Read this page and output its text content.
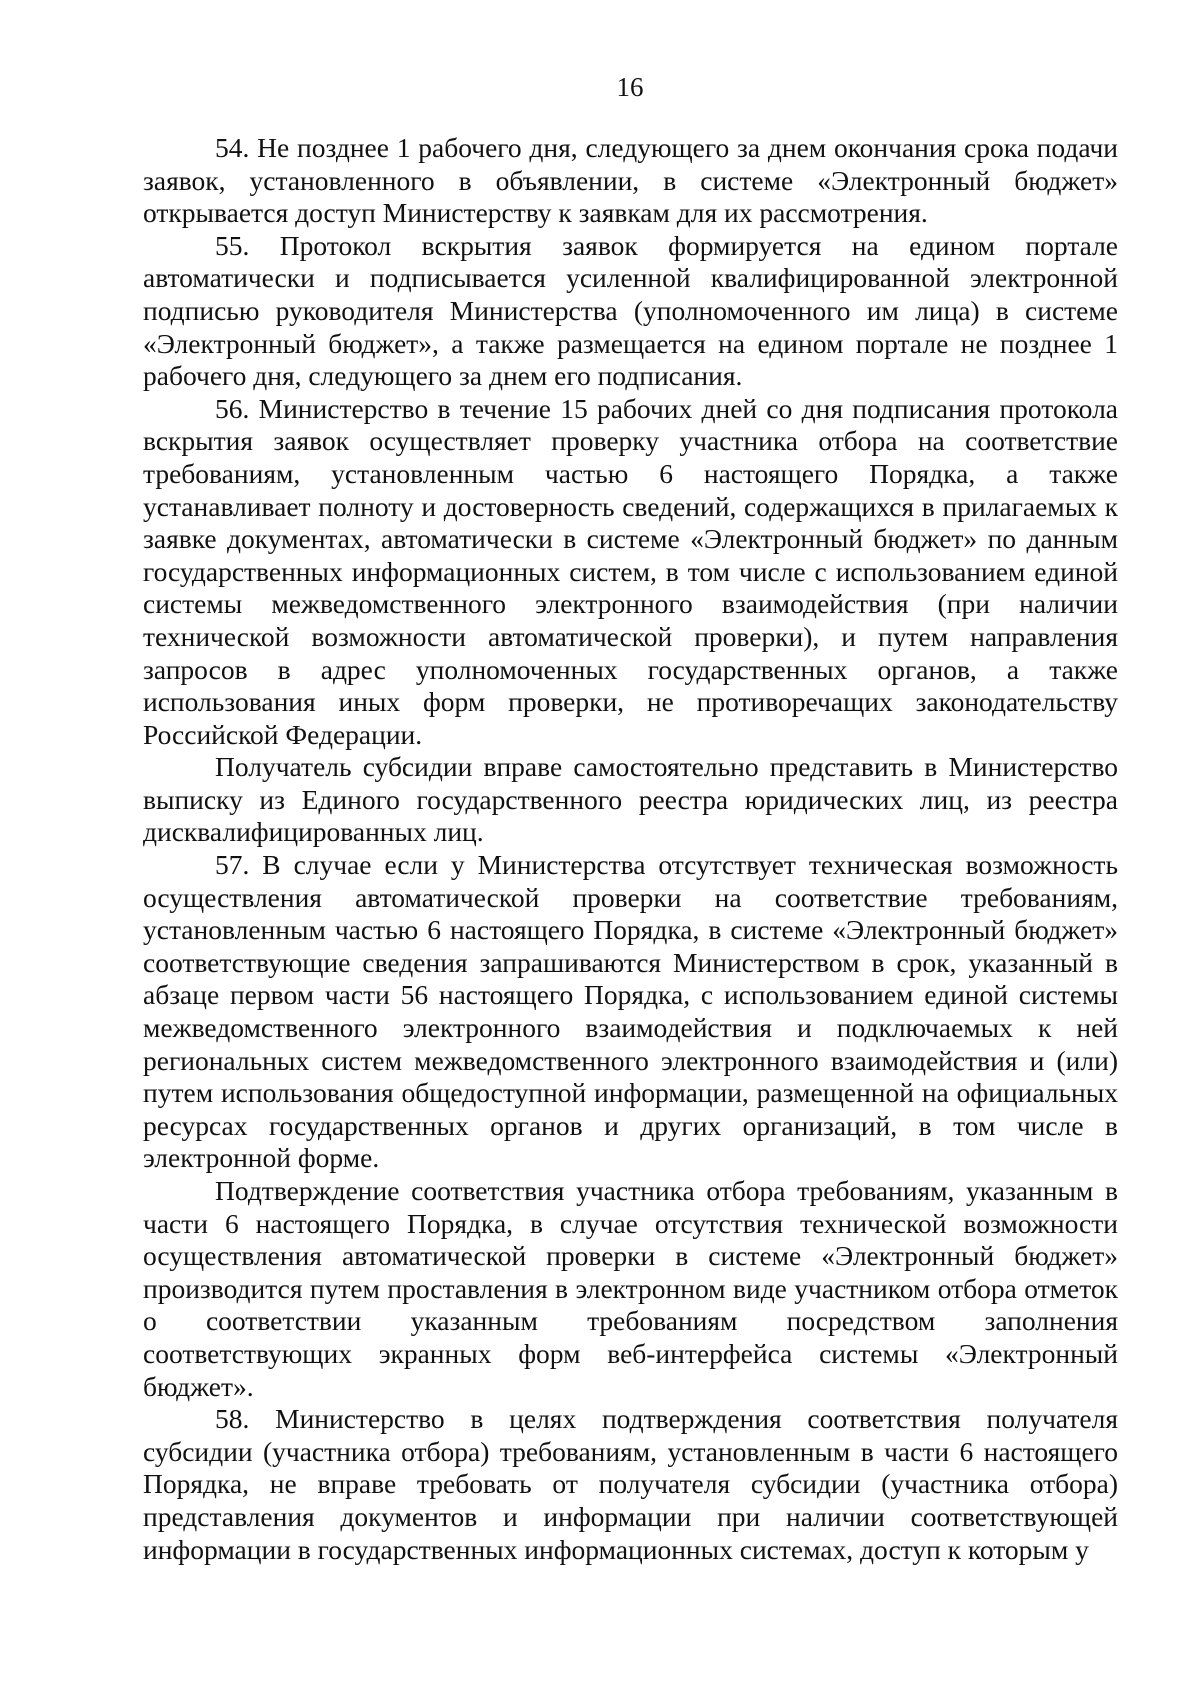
16

54. Не позднее 1 рабочего дня, следующего за днем окончания срока подачи заявок, установленного в объявлении, в системе «Электронный бюджет» открывается доступ Министерству к заявкам для их рассмотрения.

55. Протокол вскрытия заявок формируется на едином портале автоматически и подписывается усиленной квалифицированной электронной подписью руководителя Министерства (уполномоченного им лица) в системе «Электронный бюджет», а также размещается на едином портале не позднее 1 рабочего дня, следующего за днем его подписания.

56. Министерство в течение 15 рабочих дней со дня подписания протокола вскрытия заявок осуществляет проверку участника отбора на соответствие требованиям, установленным частью 6 настоящего Порядка, а также устанавливает полноту и достоверность сведений, содержащихся в прилагаемых к заявке документах, автоматически в системе «Электронный бюджет» по данным государственных информационных систем, в том числе с использованием единой системы межведомственного электронного взаимодействия (при наличии технической возможности автоматической проверки), и путем направления запросов в адрес уполномоченных государственных органов, а также использования иных форм проверки, не противоречащих законодательству Российской Федерации.

Получатель субсидии вправе самостоятельно представить в Министерство выписку из Единого государственного реестра юридических лиц, из реестра дисквалифицированных лиц.

57. В случае если у Министерства отсутствует техническая возможность осуществления автоматической проверки на соответствие требованиям, установленным частью 6 настоящего Порядка, в системе «Электронный бюджет» соответствующие сведения запрашиваются Министерством в срок, указанный в абзаце первом части 56 настоящего Порядка, с использованием единой системы межведомственного электронного взаимодействия и подключаемых к ней региональных систем межведомственного электронного взаимодействия и (или) путем использования общедоступной информации, размещенной на официальных ресурсах государственных органов и других организаций, в том числе в электронной форме.

Подтверждение соответствия участника отбора требованиям, указанным в части 6 настоящего Порядка, в случае отсутствия технической возможности осуществления автоматической проверки в системе «Электронный бюджет» производится путем проставления в электронном виде участником отбора отметок о соответствии указанным требованиям посредством заполнения соответствующих экранных форм веб-интерфейса системы «Электронный бюджет».

58. Министерство в целях подтверждения соответствия получателя субсидии (участника отбора) требованиям, установленным в части 6 настоящего Порядка, не вправе требовать от получателя субсидии (участника отбора) представления документов и информации при наличии соответствующей информации в государственных информационных системах, доступ к которым у
